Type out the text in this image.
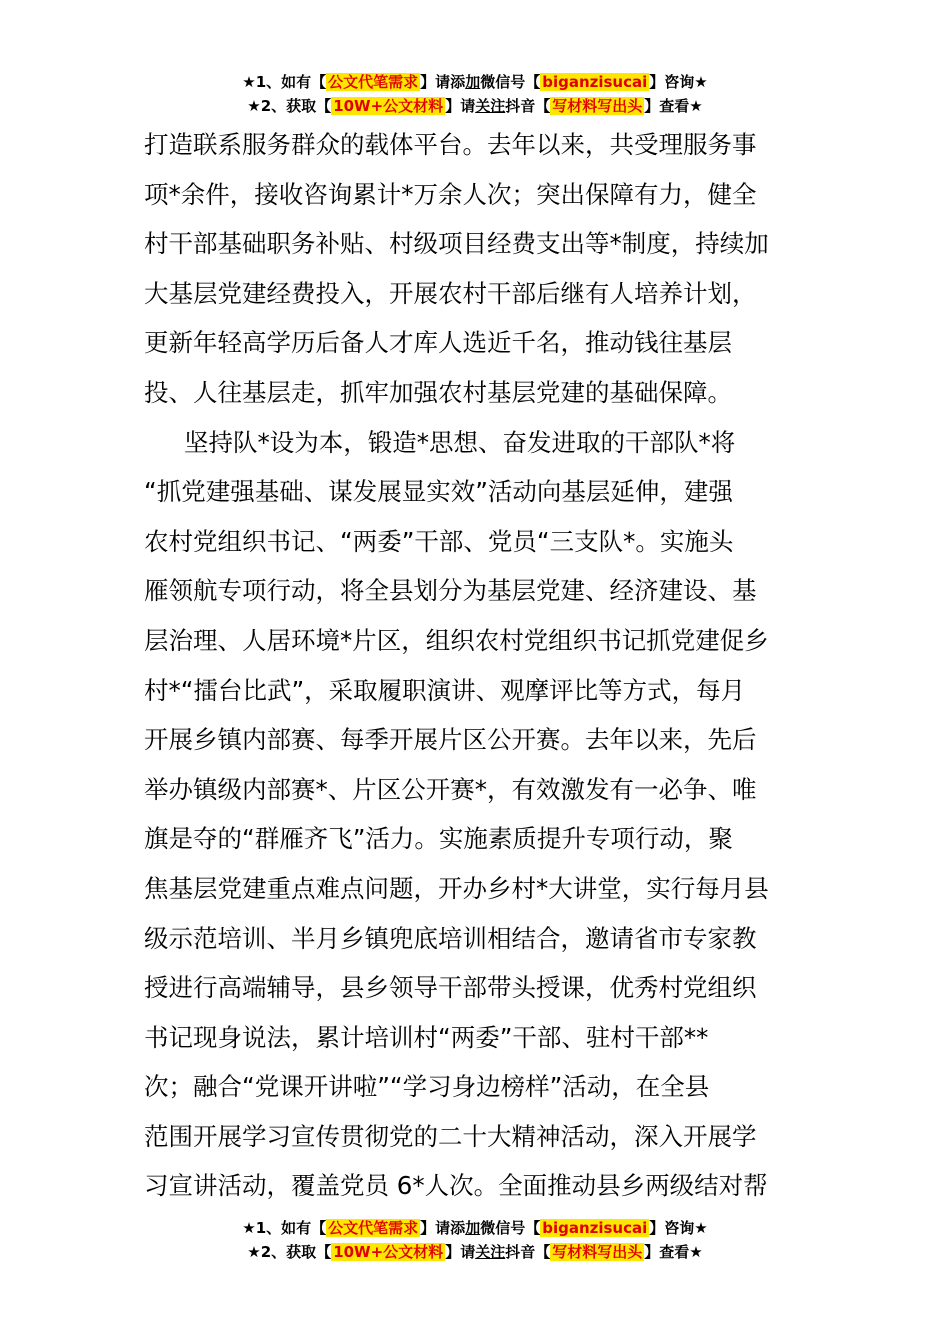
★1、如有【 公文代笔需求 】请添加微信号【 biganzisucai 】咨询★
★2、获取【 10W+公文材料 】请关注抖音【 写材料写出头 】查看★
打造联系服务群众的载体平台。去年以来，共受理服务事
项*余件，接收咨询累计*万余人次；突出保障有力，健全
村干部基础职务补贴、村级项目经费支出等*制度，持续加
大基层党建经费投入，开展农村干部后继有人培养计划，
更新年轻高学历后备人才库人选近千名，推动钱往基层
投、人往基层走，抓牢加强农村基层党建的基础保障。
坚持队*设为本，锻造*思想、奋发进取的干部队*将
“抓党建强基础、谋发展显实效”活动向基层延伸，建强
农村党组织书记、“两委”干部、党员“三支队*。实施头
雁领航专项行动，将全县划分为基层党建、经济建设、基
层治理、人居环境*片区，组织农村党组织书记抓党建促乡
村*“擂台比武”，采取履职演讲、观摩评比等方式，每月
开展乡镇内部赛、每季开展片区公开赛。去年以来，先后
举办镇级内部赛*、片区公开赛*，有效激发有一必争、唯
旗是夺的“群雁齐飞”活力。实施素质提升专项行动，聚
焦基层党建重点难点问题，开办乡村*大讲堂，实行每月县
级示范培训、半月乡镇兜底培训相结合，邀请省市专家教
授进行高端辅导，县乡领导干部带头授课，优秀村党组织
书记现身说法，累计培训村“两委”干部、驻村干部**
次；融合“党课开讲啦”“学习身边榜样”活动，在全县
范围开展学习宣传贯彻党的二十大精神活动，深入开展学
习宣讲活动，覆盖党员 6*人次。全面推动县乡两级结对帮
★1、如有【 公文代笔需求 】请添加微信号【 biganzisucai 】咨询★
★2、获取【 10W+公文材料 】请关注抖音【 写材料写出头 】查看★
